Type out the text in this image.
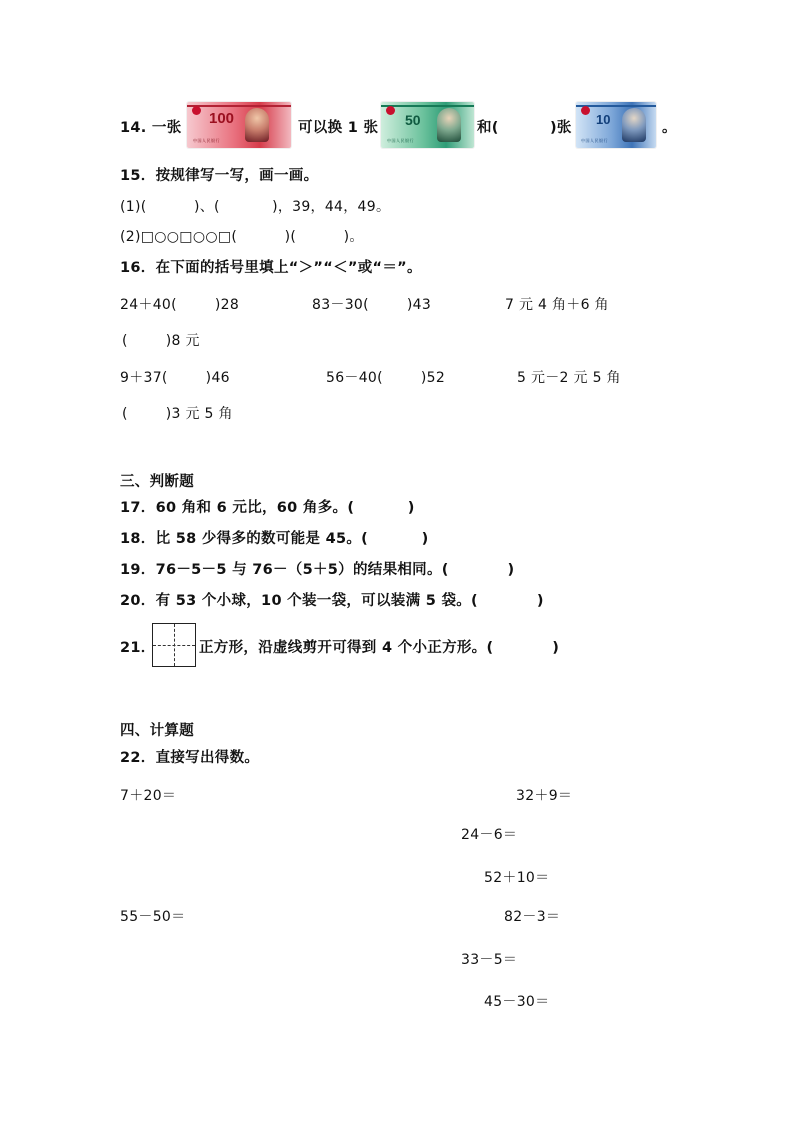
14. 一张
100
中国人民银行
可以换 1 张 50
中国人民银行
和(	)张
10
中国人民银行
。
15．按规律写一写，画一画。
(1)(          )、(           )，39，44，49。
(2)□○○□○○□(          )(          )。
16．在下面的括号里填上“＞”“＜”或“＝”。
24＋40(        )28	83－30(        )43	7 元 4 角＋6 角
(        )8 元
9＋37(        )46	56－40(        )52	5 元－2 元 5 角
(        )3 元 5 角
三、判断题
17．60 角和 6 元比，60 角多。(          )
18．比 58 少得多的数可能是 45。(          )
19．76－5－5 与 76－（5＋5）的结果相同。(           )
20．有 53 个小球，10 个装一袋，可以装满 5 袋。(           )
21．	正方形，沿虚线剪开可得到 4 个小正方形。(           )
四、计算题
22．直接写出得数。
7＋20＝	32＋9＝
24－6＝
52＋10＝
55－50＝	82－3＝
33－5＝
45－30＝
